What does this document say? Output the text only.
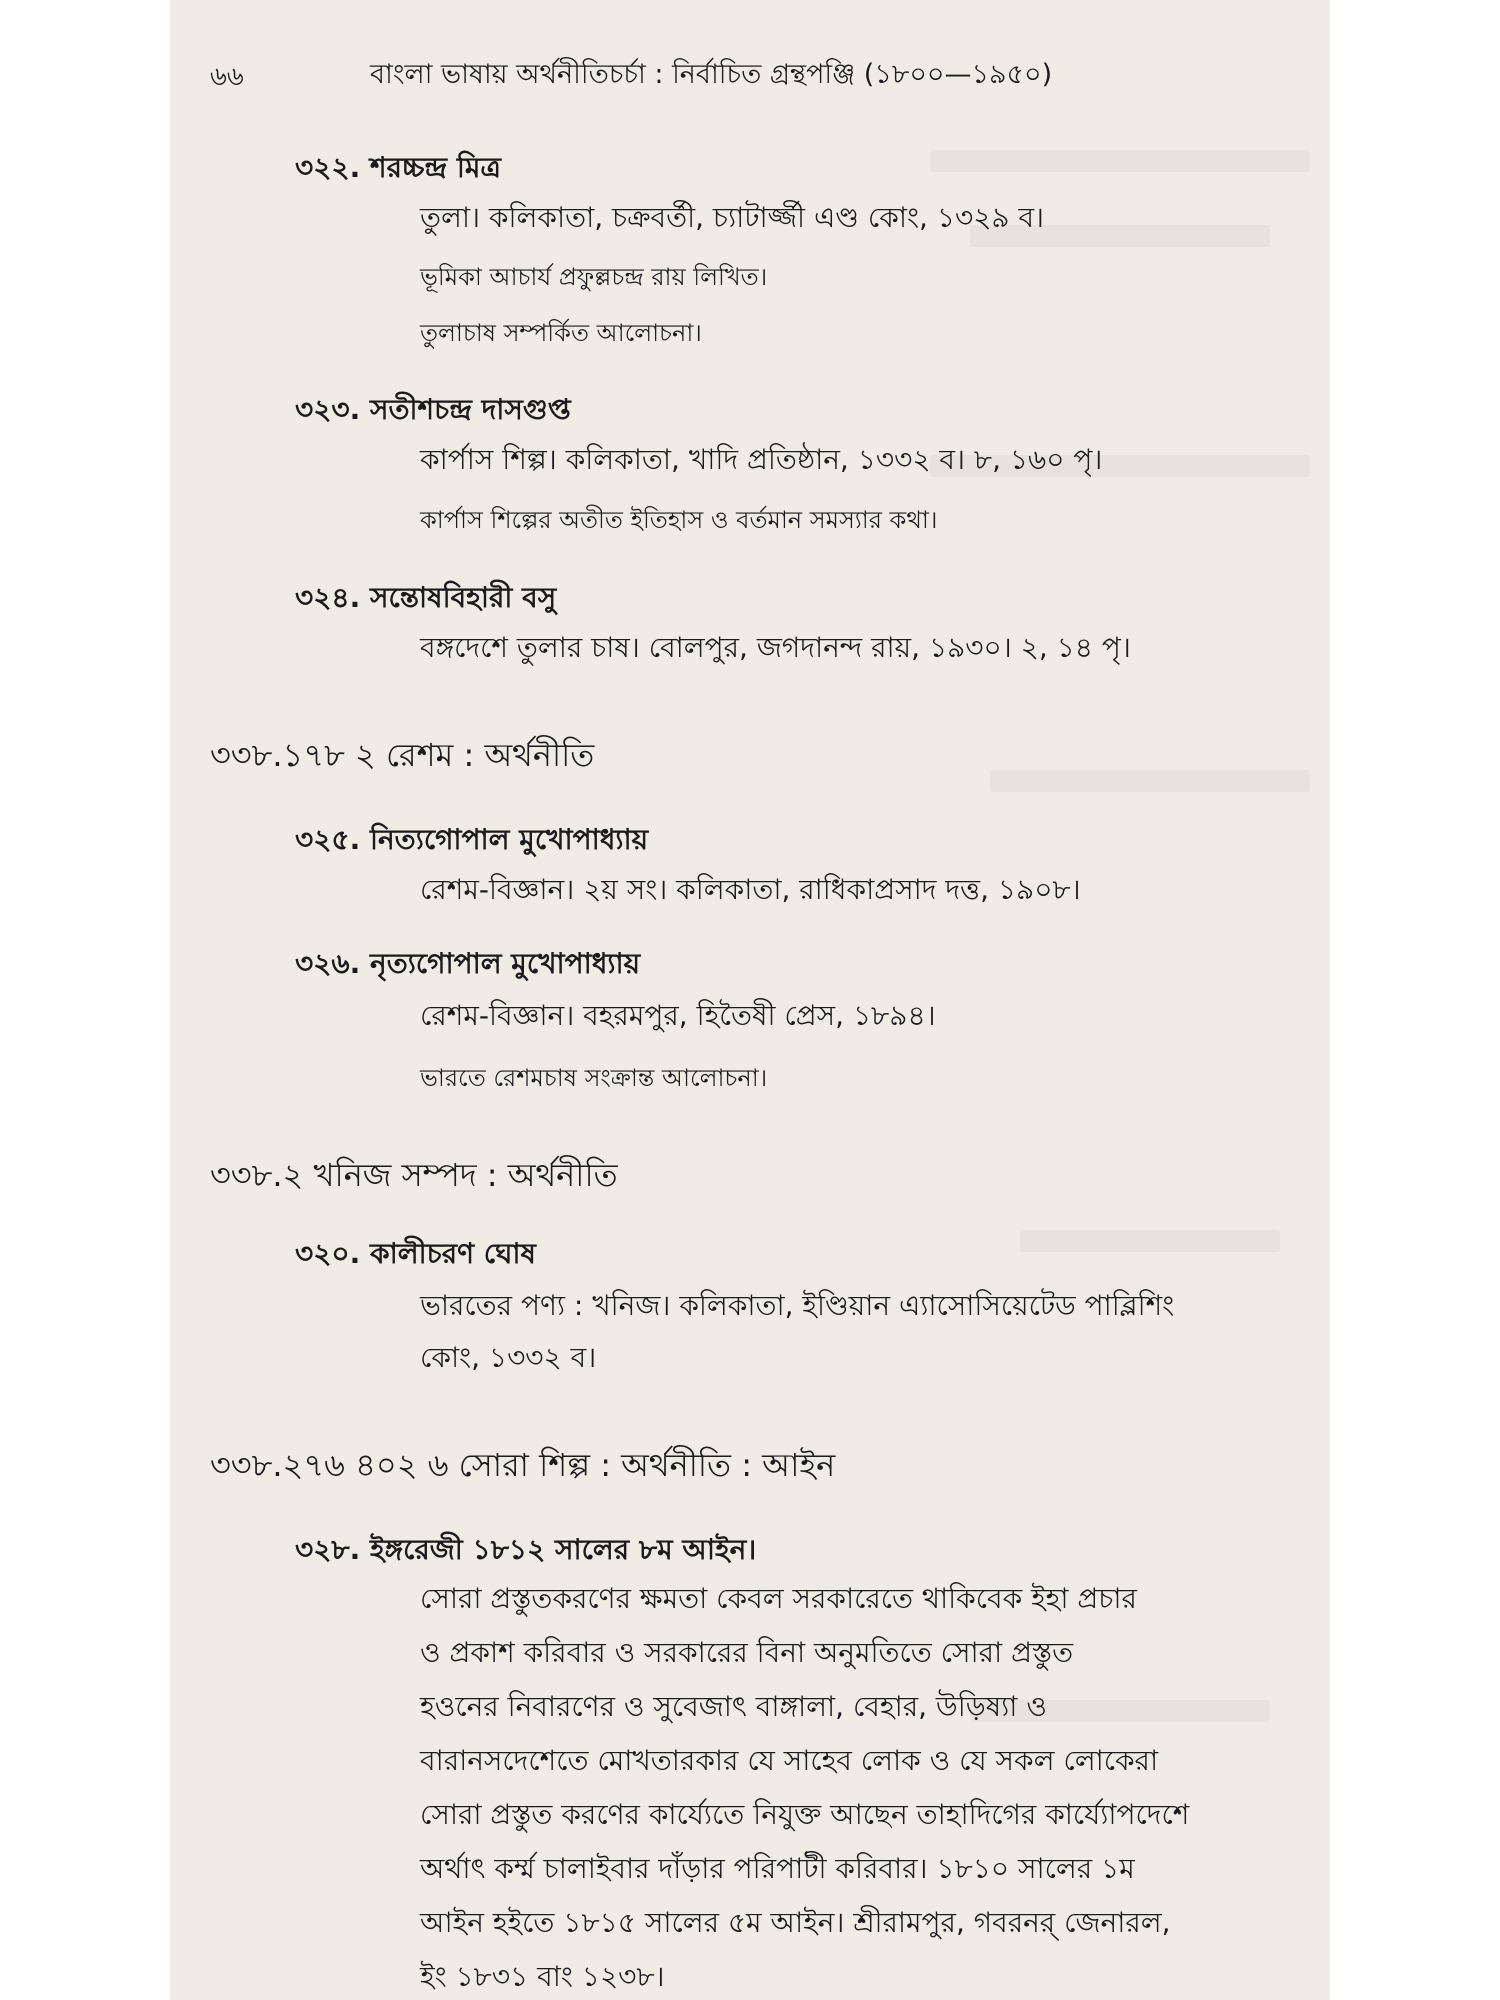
৬৬	বাংলা ভাষায় অর্থনীতিচর্চা : নির্বাচিত গ্রন্থপঞ্জি (১৮০০—১৯৫০)
৩২২. শরচ্চন্দ্র মিত্র
তুলা। কলিকাতা, চক্রবর্তী, চ্যাটার্জ্জী এণ্ড কোং, ১৩২৯ ব।
ভূমিকা আচার্য প্রফুল্লচন্দ্র রায় লিখিত।
তুলাচাষ সম্পর্কিত আলোচনা।
৩২৩. সতীশচন্দ্র দাসগুপ্ত
কার্পাস শিল্প। কলিকাতা, খাদি প্রতিষ্ঠান, ১৩৩২ ব। ৮, ১৬০ পৃ।
কার্পাস শিল্পের অতীত ইতিহাস ও বর্তমান সমস্যার কথা।
৩২৪. সন্তোষবিহারী বসু
বঙ্গদেশে তুলার চাষ। বোলপুর, জগদানন্দ রায়, ১৯৩০। ২, ১৪ পৃ।
৩৩৮.১৭৮ ২ রেশম : অর্থনীতি
৩২৫. নিত্যগোপাল মুখোপাধ্যায়
রেশম-বিজ্ঞান। ২য় সং। কলিকাতা, রাধিকাপ্রসাদ দত্ত, ১৯০৮।
৩২৬. নৃত্যগোপাল মুখোপাধ্যায়
রেশম-বিজ্ঞান। বহরমপুর, হিতৈষী প্রেস, ১৮৯৪।
ভারতে রেশমচাষ সংক্রান্ত আলোচনা।
৩৩৮.২ খনিজ সম্পদ : অর্থনীতি
৩২০. কালীচরণ ঘোষ
ভারতের পণ্য : খনিজ। কলিকাতা, ইণ্ডিয়ান এ্যাসোসিয়েটেড পাব্লিশিং
কোং, ১৩৩২ ব।
৩৩৮.২৭৬ ৪০২ ৬ সোরা শিল্প : অর্থনীতি : আইন
৩২৮. ইঙ্গরেজী ১৮১২ সালের ৮ম আইন।
সোরা প্রস্তুতকরণের ক্ষমতা কেবল সরকারেতে থাকিবেক ইহা প্রচার
ও প্রকাশ করিবার ও সরকারের বিনা অনুমতিতে সোরা প্রস্তুত
হওনের নিবারণের ও সুবেজাৎ বাঙ্গালা, বেহার, উড়িষ্যা ও
বারানসদেশেতে মোখতারকার যে সাহেব লোক ও যে সকল লোকেরা
সোরা প্রস্তুত করণের কার্য্যেতে নিযুক্ত আছেন তাহাদিগের কার্য্যোপদেশে
অর্থাৎ কর্ম্ম চালাইবার দাঁড়ার পরিপাটী করিবার। ১৮১০ সালের ১ম
আইন হইতে ১৮১৫ সালের ৫ম আইন। শ্রীরামপুর, গবরনর্ জেনারল,
ইং ১৮৩১ বাং ১২৩৮।
